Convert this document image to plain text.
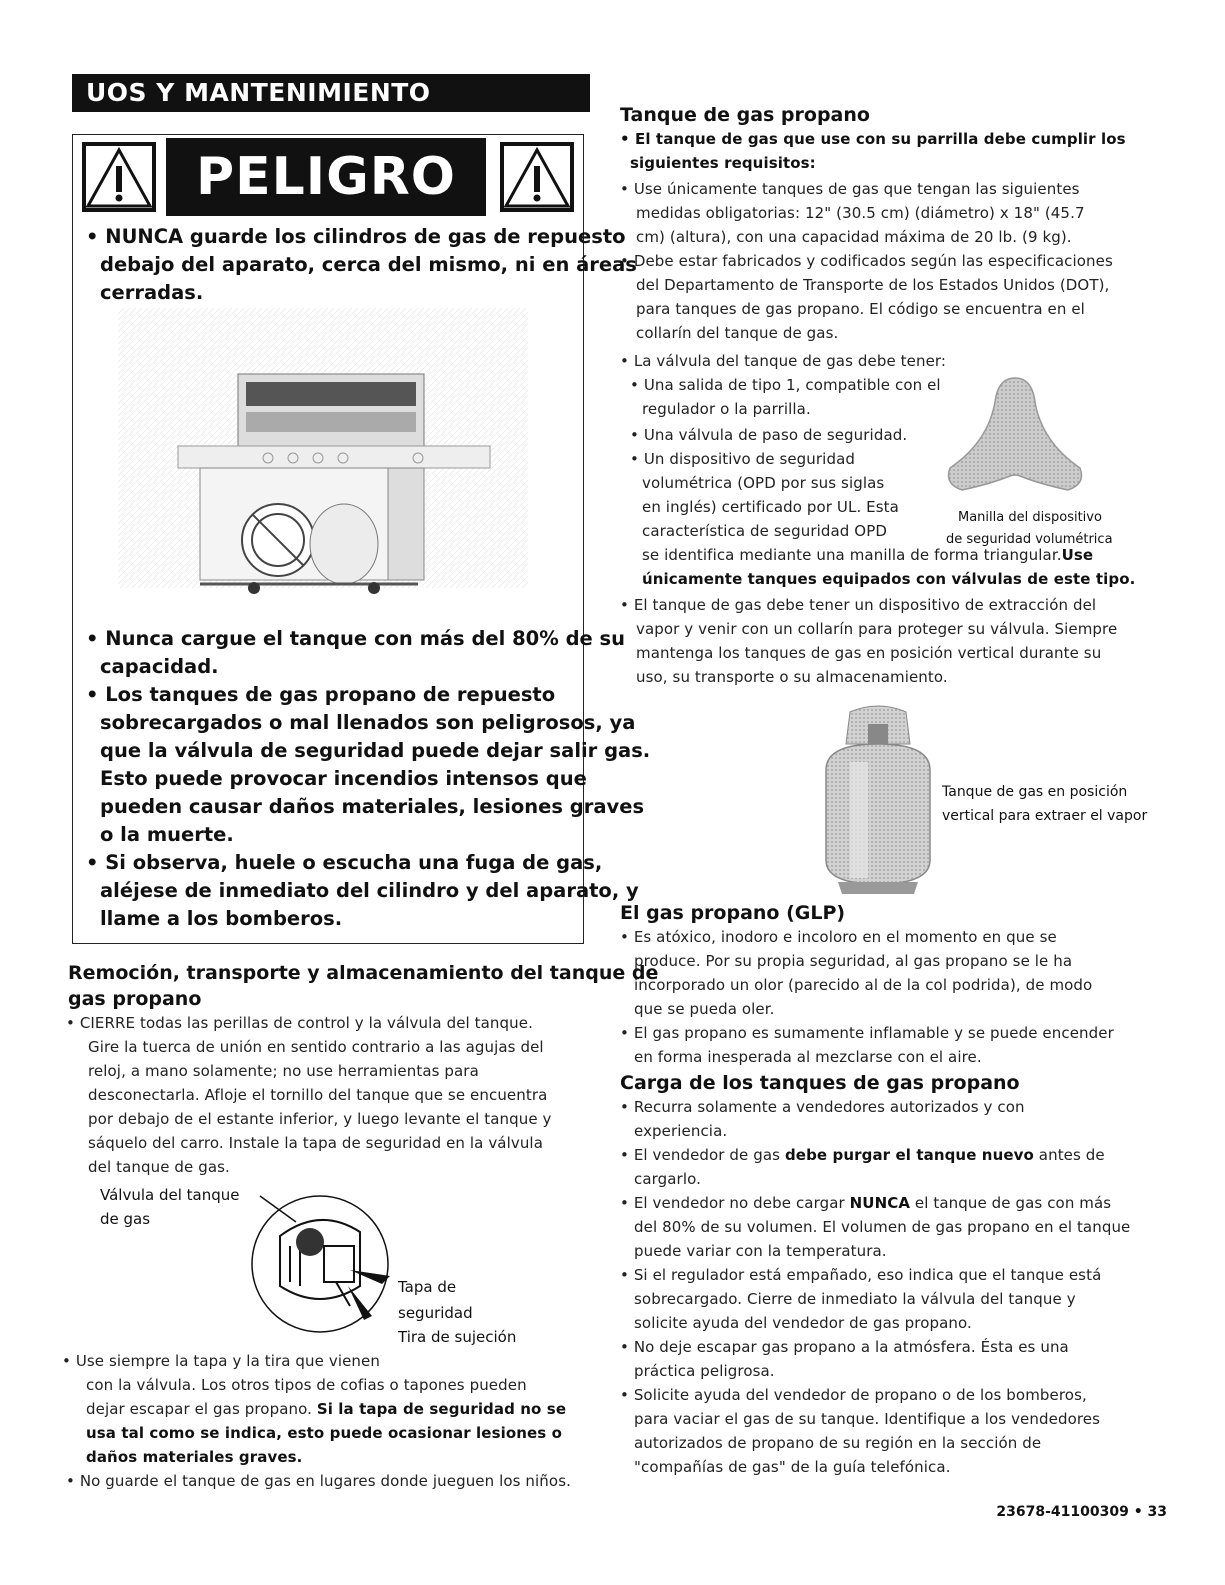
UOS Y MANTENIMIENTO
PELIGRO
• NUNCA guarde los cilindros de gas de repuesto
debajo del aparato, cerca del mismo, ni en áreas
cerradas.
• Nunca cargue el tanque con más del 80% de su
capacidad.
• Los tanques de gas propano de repuesto
sobrecargados o mal llenados son peligrosos, ya
que la válvula de seguridad puede dejar salir gas.
Esto puede provocar incendios intensos que
pueden causar daños materiales, lesiones graves
o la muerte.
• Si observa, huele o escucha una fuga de gas,
aléjese de inmediato del cilindro y del aparato, y
llame a los bomberos.
Remoción, transporte y almacenamiento del tanque de
gas propano
• CIERRE todas las perillas de control y la válvula del tanque.
Gire la tuerca de unión en sentido contrario a las agujas del
reloj, a mano solamente; no use herramientas para
desconectarla. Afloje el tornillo del tanque que se encuentra
por debajo de el estante inferior, y luego levante el tanque y
sáquelo del carro. Instale la tapa de seguridad en la válvula
del tanque de gas.
Válvula del tanque
de gas
Tapa de
seguridad
Tira de sujeción
• Use siempre la tapa y la tira que vienen
con la válvula. Los otros tipos de cofias o tapones pueden
dejar escapar el gas propano. Si la tapa de seguridad no se
usa tal como se indica, esto puede ocasionar lesiones o
daños materiales graves.
• No guarde el tanque de gas en lugares donde jueguen los niños.
Tanque de gas propano
• El tanque de gas que use con su parrilla debe cumplir los
siguientes requisitos:
• Use únicamente tanques de gas que tengan las siguientes
medidas obligatorias: 12" (30.5 cm) (diámetro) x 18" (45.7
cm) (altura), con una capacidad máxima de 20 lb. (9 kg).
• Debe estar fabricados y codificados según las especificaciones
del Departamento de Transporte de los Estados Unidos (DOT),
para tanques de gas propano. El código se encuentra en el
collarín del tanque de gas.
• La válvula del tanque de gas debe tener:
• Una salida de tipo 1, compatible con el
regulador o la parrilla.
• Una válvula de paso de seguridad.
• Un dispositivo de seguridad
volumétrica (OPD por sus siglas
en inglés) certificado por UL. Esta
característica de seguridad OPD
se identifica mediante una manilla de forma triangular.Use
únicamente tanques equipados con válvulas de este tipo.
Manilla del dispositivo
de seguridad volumétrica
• El tanque de gas debe tener un dispositivo de extracción del
vapor y venir con un collarín para proteger su válvula. Siempre
mantenga los tanques de gas en posición vertical durante su
uso, su transporte o su almacenamiento.
Tanque de gas en posición
vertical para extraer el vapor
El gas propano (GLP)
• Es atóxico, inodoro e incoloro en el momento en que se
produce. Por su propia seguridad, al gas propano se le ha
incorporado un olor (parecido al de la col podrida), de modo
que se pueda oler.
• El gas propano es sumamente inflamable y se puede encender
en forma inesperada al mezclarse con el aire.
Carga de los tanques de gas propano
• Recurra solamente a vendedores autorizados y con
experiencia.
• El vendedor de gas debe purgar el tanque nuevo antes de
cargarlo.
• El vendedor no debe cargar NUNCA el tanque de gas con más
del 80% de su volumen. El volumen de gas propano en el tanque
puede variar con la temperatura.
• Si el regulador está empañado, eso indica que el tanque está
sobrecargado. Cierre de inmediato la válvula del tanque y
solicite ayuda del vendedor de gas propano.
• No deje escapar gas propano a la atmósfera. Ésta es una
práctica peligrosa.
• Solicite ayuda del vendedor de propano o de los bomberos,
para vaciar el gas de su tanque. Identifique a los vendedores
autorizados de propano de su región en la sección de
"compañías de gas" de la guía telefónica.
23678-41100309 • 33
